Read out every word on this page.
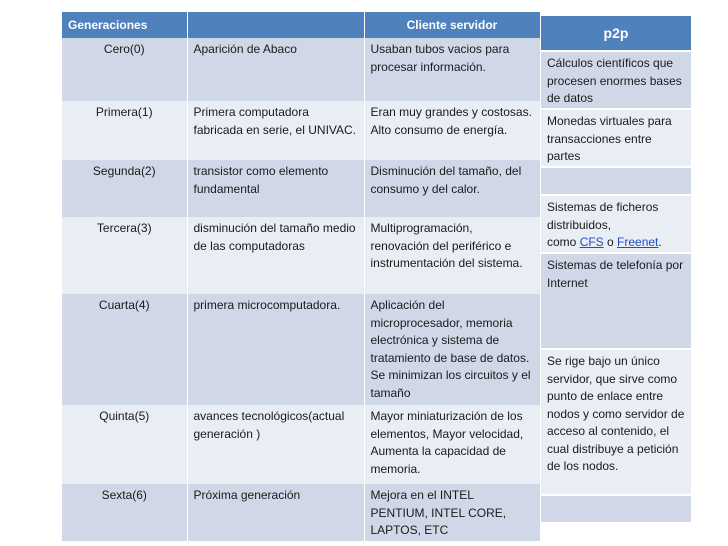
Generaciones		Cliente servidor
Cero(0)	Aparición de Abaco	Usaban tubos vacios para procesar información.
Primera(1)	Primera computadora fabricada en serie, el UNIVAC.	Eran muy grandes y costosas.
Alto consumo de energía.
Segunda(2)	transistor como elemento fundamental	Disminución del tamaño, del consumo y del calor.
Tercera(3)	disminución del tamaño medio de las computadoras	Multiprogramación, renovación del periférico e instrumentación del sistema.
Cuarta(4)	primera microcomputadora.	Aplicación del microprocesador, memoria electrónica y sistema de tratamiento de base de datos. Se minimizan los circuitos y el tamaño
Quinta(5)	avances tecnológicos(actual generación )	Mayor miniaturización de los elementos, Mayor velocidad, Aumenta la capacidad de memoria.
Sexta(6)	Próxima generación	Mejora en el INTEL PENTIUM, INTEL CORE, LAPTOS, ETC
p2p
Cálculos científicos que procesen enormes bases de datos
Monedas virtuales para transacciones entre partes

Sistemas de ficheros distribuidos,
como CFS o Freenet.
Sistemas de telefonía por Internet
Se rige bajo un único servidor, que sirve como punto de enlace entre nodos y como servidor de acceso al contenido, el cual distribuye a petición de los nodos.
